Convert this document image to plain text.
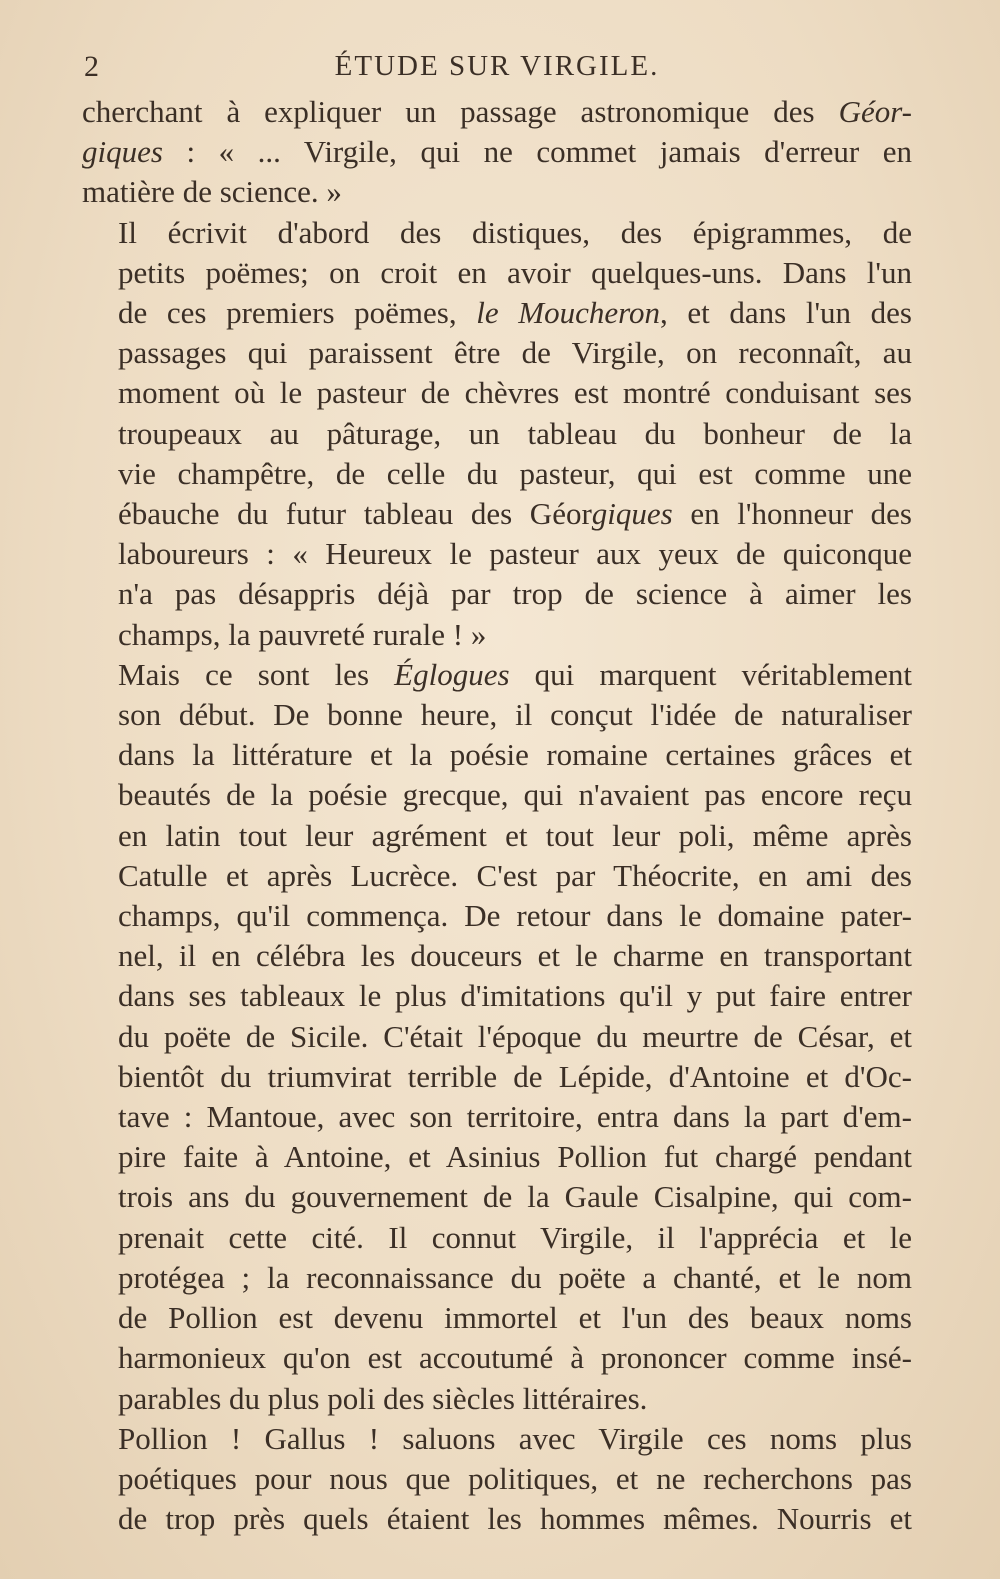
2	ÉTUDE SUR VIRGILE.

cherchant à expliquer un passage astronomique des Géor-
giques : « ... Virgile, qui ne commet jamais d'erreur en
matière de science. »

Il écrivit d'abord des distiques, des épigrammes, de
petits poëmes; on croit en avoir quelques-uns. Dans l'un
de ces premiers poëmes, le Moucheron, et dans l'un des
passages qui paraissent être de Virgile, on reconnaît, au
moment où le pasteur de chèvres est montré conduisant ses
troupeaux au pâturage, un tableau du bonheur de la
vie champêtre, de celle du pasteur, qui est comme une
ébauche du futur tableau des Géorgiques en l'honneur des
laboureurs : « Heureux le pasteur aux yeux de quiconque
n'a pas désappris déjà par trop de science à aimer les
champs, la pauvreté rurale ! »

Mais ce sont les Églogues qui marquent véritablement
son début. De bonne heure, il conçut l'idée de naturaliser
dans la littérature et la poésie romaine certaines grâces et
beautés de la poésie grecque, qui n'avaient pas encore reçu
en latin tout leur agrément et tout leur poli, même après
Catulle et après Lucrèce. C'est par Théocrite, en ami des
champs, qu'il commença. De retour dans le domaine pater-
nel, il en célébra les douceurs et le charme en transportant
dans ses tableaux le plus d'imitations qu'il y put faire entrer
du poëte de Sicile. C'était l'époque du meurtre de César, et
bientôt du triumvirat terrible de Lépide, d'Antoine et d'Oc-
tave : Mantoue, avec son territoire, entra dans la part d'em-
pire faite à Antoine, et Asinius Pollion fut chargé pendant
trois ans du gouvernement de la Gaule Cisalpine, qui com-
prenait cette cité. Il connut Virgile, il l'apprécia et le
protégea ; la reconnaissance du poëte a chanté, et le nom
de Pollion est devenu immortel et l'un des beaux noms
harmonieux qu'on est accoutumé à prononcer comme insé-
parables du plus poli des siècles littéraires.

Pollion ! Gallus ! saluons avec Virgile ces noms plus
poétiques pour nous que politiques, et ne recherchons pas
de trop près quels étaient les hommes mêmes. Nourris et
